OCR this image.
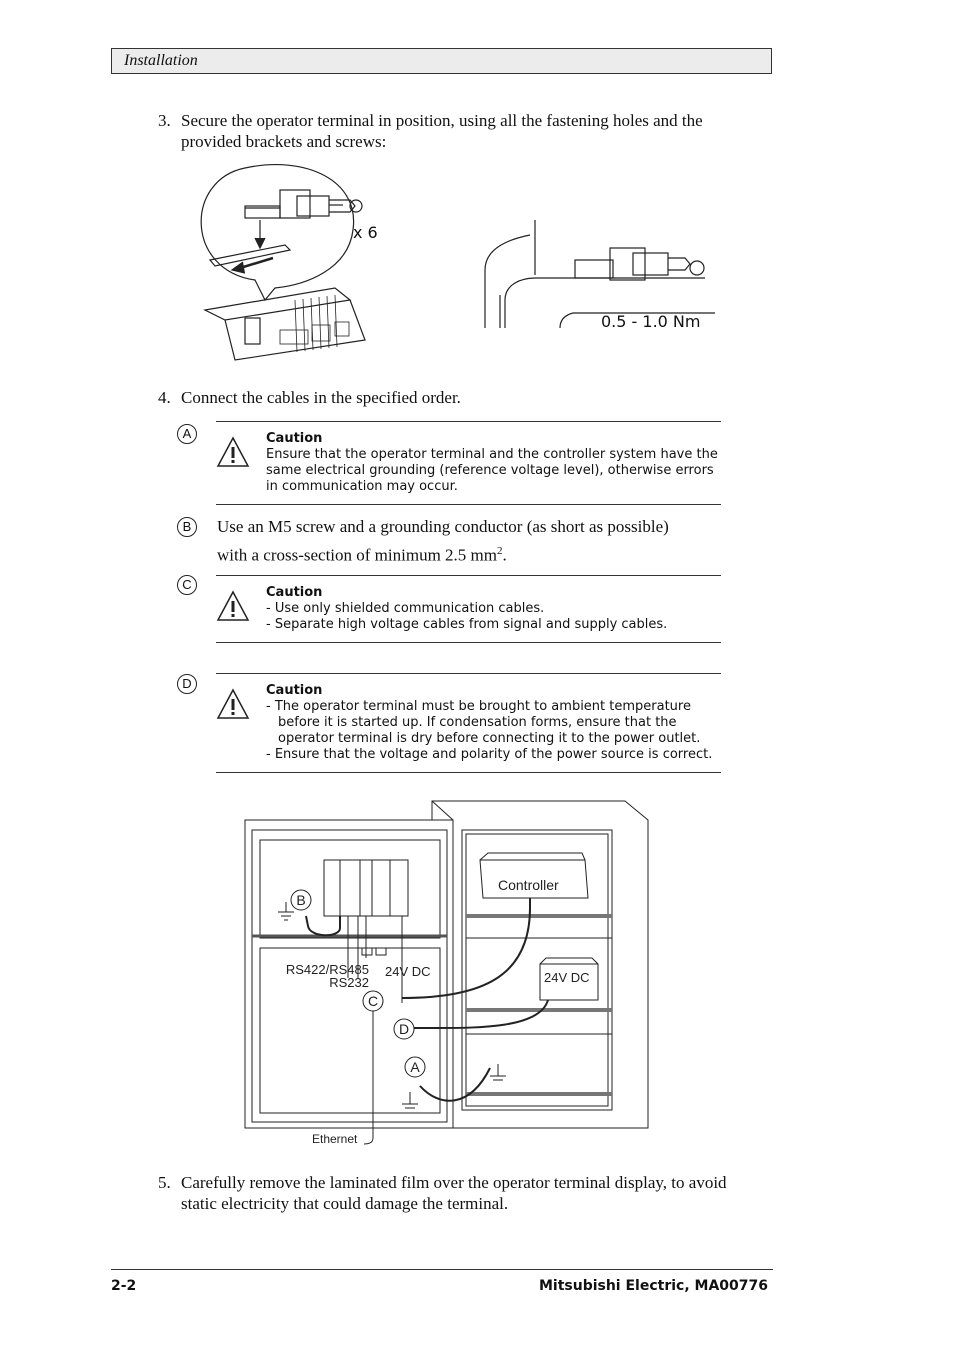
Installation
3. Secure the operator terminal in position, using all the fastening holes and the
provided brackets and screws:
x 6
0.5 - 1.0 Nm
4. Connect the cables in the specified order.
A	Caution
Ensure that the operator terminal and the controller system have the
same electrical grounding (reference voltage level), otherwise errors
in communication may occur.
B	Use an M5 screw and a grounding conductor (as short as possible)
with a cross-section of minimum 2.5 $mm^2$.
C
Caution
- Use only shielded communication cables.
- Separate high voltage cables from signal and supply cables.
D	Caution
- The operator terminal must be brought to ambient temperature
before it is started up. If condensation forms, ensure that the
operator terminal is dry before connecting it to the power outlet.
- Ensure that the voltage and polarity of the power source is correct.
B
C
D
A
Controller
24V DC
24V DC
RS422/RS485
RS232
Ethernet
5. Carefully remove the laminated film over the operator terminal display, to avoid
static electricity that could damage the terminal.
2-2	Mitsubishi Electric, MA00776
